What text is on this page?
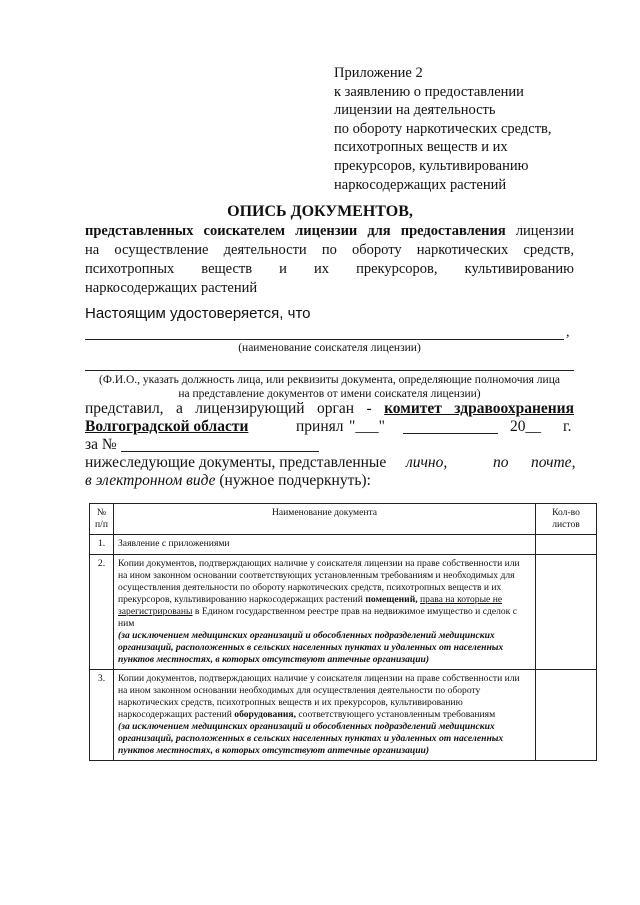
Приложение 2
к заявлению о предоставлении
лицензии на деятельность
по обороту наркотических средств,
психотропных веществ и их
прекурсоров, культивированию
наркосодержащих растений
ОПИСЬ ДОКУМЕНТОВ,
представленных соискателем лицензии для предоставления лицензии
на осуществление деятельности по обороту наркотических средств,
психотропных веществ и их прекурсоров, культивированию
наркосодержащих растений
Настоящим удостоверяется, что
,
(наименование соискателя лицензии)
(Ф.И.О., указать должность лица, или реквизиты документа, определяющие полномочия лица
на представление документов от имени соискателя лицензии)
представил, а лицензирующий орган - комитет здравоохранения
Волгоградской области	принял "___"	20__ г.
за №
нижеследующие документы, представленные лично,	по почте,
в электронном виде (нужное подчеркнуть):
№ п/п	Наименование документа	Кол-во листов
1.	Заявление с приложениями	
2.	Копии документов, подтверждающих наличие у соискателя лицензии на праве собственности или на ином законном основании соответствующих установленным требованиям и необходимых для осуществления деятельности по обороту наркотических средств, психотропных веществ и их прекурсоров, культивированию наркосодержащих растений помещений, права на которые не зарегистрированы в Едином государственном реестре прав на недвижимое имущество и сделок с ним
(за исключением медицинских организаций и обособленных подразделений медицинских организаций, расположенных в сельских населенных пунктах и удаленных от населенных пунктов местностях, в которых отсутствуют аптечные организации)	

3.	Копии документов, подтверждающих наличие у соискателя лицензии на праве собственности или на ином законном основании необходимых для осуществления деятельности по обороту наркотических средств, психотропных веществ и их прекурсоров, культивированию наркосодержащих растений оборудования, соответствующего установленным требованиям
(за исключением медицинских организаций и обособленных подразделений медицинских организаций, расположенных в сельских населенных пунктах и удаленных от населенных пунктов местностях, в которых отсутствуют аптечные организации)	
